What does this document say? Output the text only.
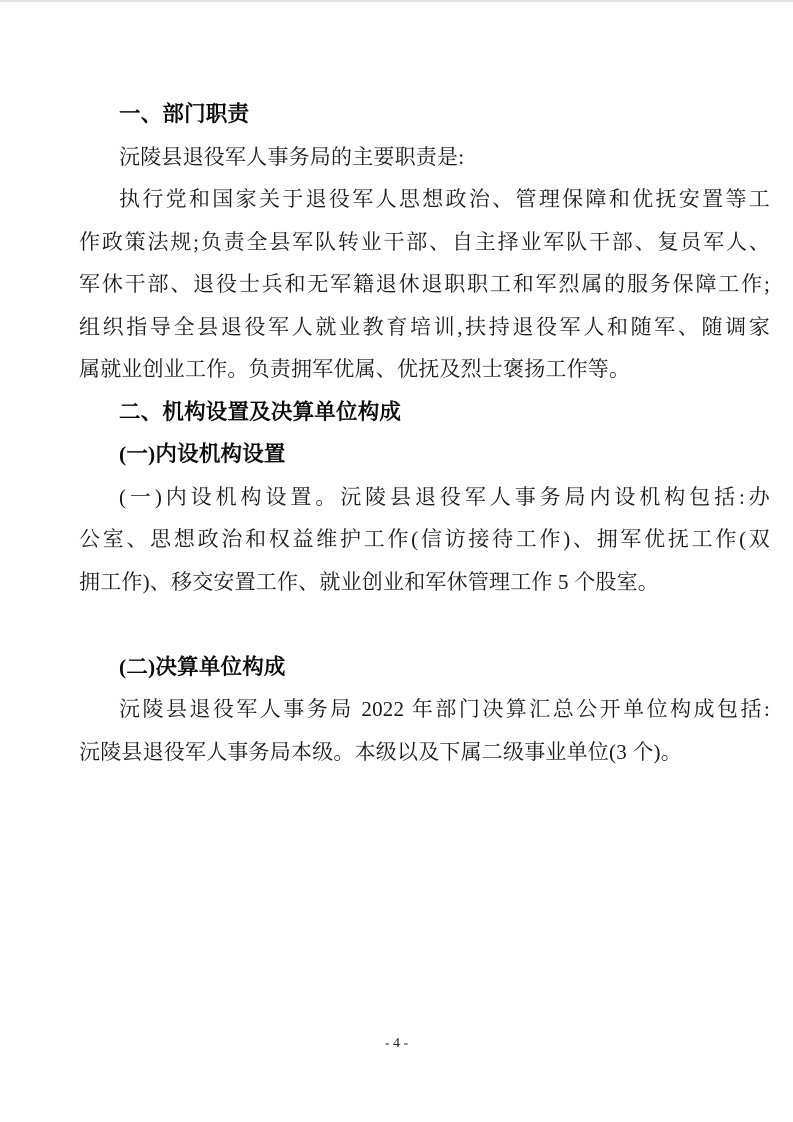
一、部门职责
沅陵县退役军人事务局的主要职责是:
执行党和国家关于退役军人思想政治、管理保障和优抚安置等工
作政策法规;负责全县军队转业干部、自主择业军队干部、复员军人、
军休干部、退役士兵和无军籍退休退职职工和军烈属的服务保障工作;
组织指导全县退役军人就业教育培训,扶持退役军人和随军、随调家
属就业创业工作。负责拥军优属、优抚及烈士褒扬工作等。
二、机构设置及决算单位构成
(一)内设机构设置
(一)内设机构设置。沅陵县退役军人事务局内设机构包括:办
公室、思想政治和权益维护工作(信访接待工作)、拥军优抚工作(双
拥工作)、移交安置工作、就业创业和军休管理工作 5 个股室。
(二)决算单位构成
沅陵县退役军人事务局 2022 年部门决算汇总公开单位构成包括:
沅陵县退役军人事务局本级。本级以及下属二级事业单位(3 个)。
- 4 -
